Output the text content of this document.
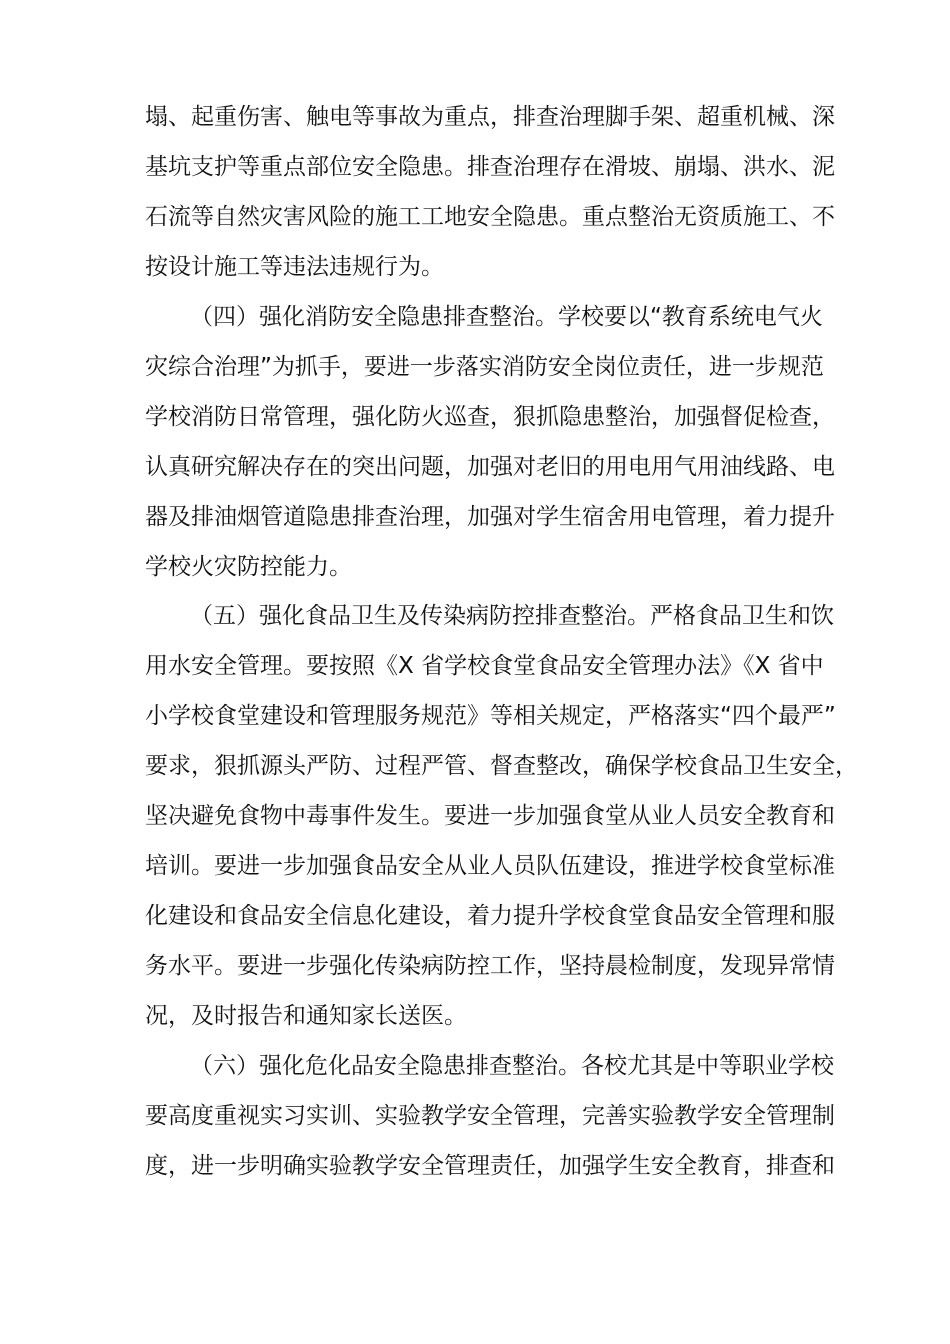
塌、起重伤害、触电等事故为重点，排查治理脚手架、超重机械、深
基坑支护等重点部位安全隐患。排查治理存在滑坡、崩塌、洪水、泥
石流等自然灾害风险的施工工地安全隐患。重点整治无资质施工、不
按设计施工等违法违规行为。
（四）强化消防安全隐患排查整治。学校要以“教育系统电气火
灾综合治理”为抓手，要进一步落实消防安全岗位责任，进一步规范
学校消防日常管理，强化防火巡查，狠抓隐患整治，加强督促检查，
认真研究解决存在的突出问题，加强对老旧的用电用气用油线路、电
器及排油烟管道隐患排查治理，加强对学生宿舍用电管理，着力提升
学校火灾防控能力。
（五）强化食品卫生及传染病防控排查整治。严格食品卫生和饮
用水安全管理。要按照《X 省学校食堂食品安全管理办法》《X 省中
小学校食堂建设和管理服务规范》等相关规定，严格落实“四个最严”
要求，狠抓源头严防、过程严管、督查整改，确保学校食品卫生安全，
坚决避免食物中毒事件发生。要进一步加强食堂从业人员安全教育和
培训。要进一步加强食品安全从业人员队伍建设，推进学校食堂标准
化建设和食品安全信息化建设，着力提升学校食堂食品安全管理和服
务水平。要进一步强化传染病防控工作，坚持晨检制度，发现异常情
况，及时报告和通知家长送医。
（六）强化危化品安全隐患排查整治。各校尤其是中等职业学校
要高度重视实习实训、实验教学安全管理，完善实验教学安全管理制
度，进一步明确实验教学安全管理责任，加强学生安全教育，排查和
